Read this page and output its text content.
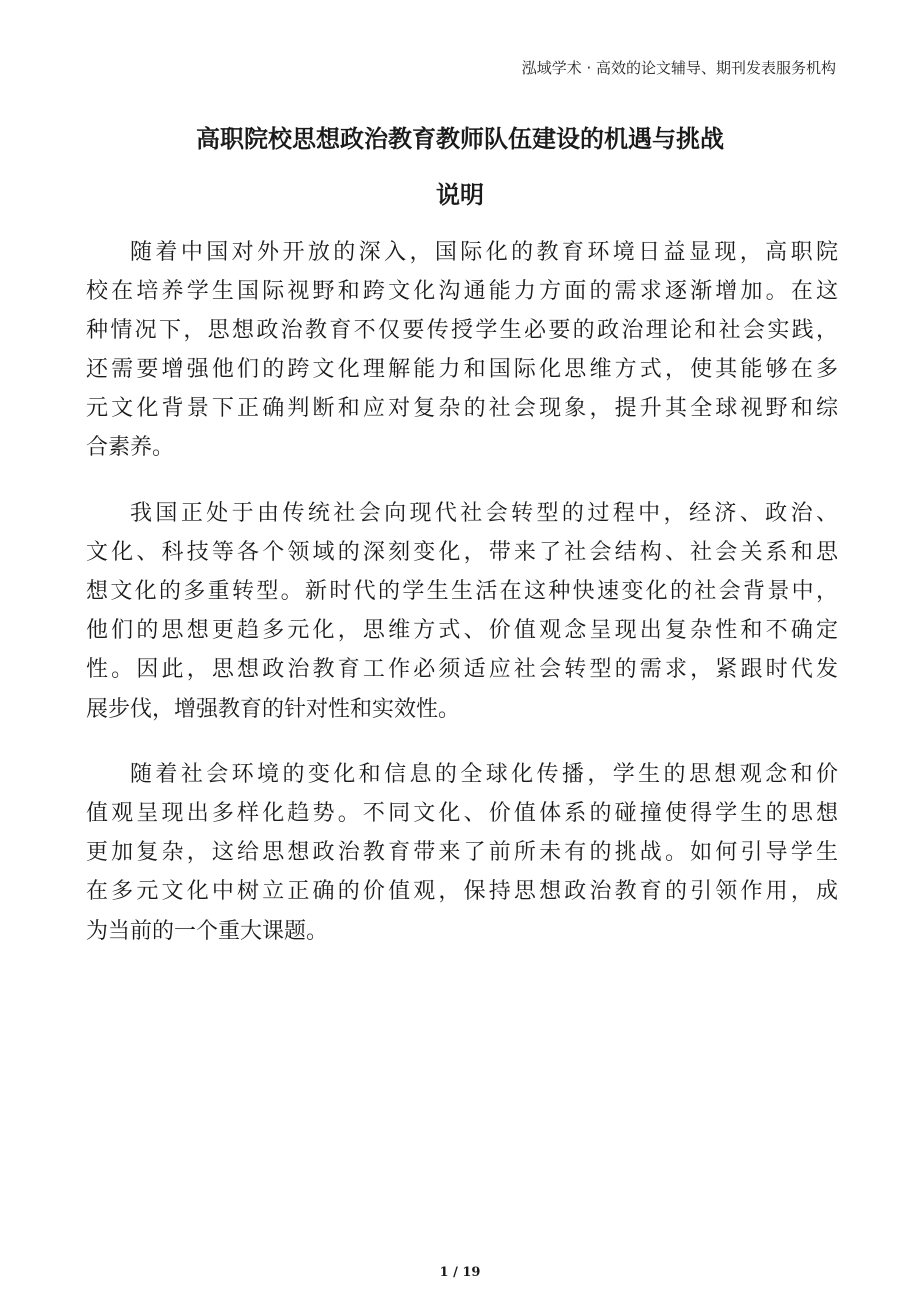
泓域学术 · 高效的论文辅导、期刊发表服务机构
高职院校思想政治教育教师队伍建设的机遇与挑战
说明

随着中国对外开放的深入，国际化的教育环境日益显现，高职院
校在培养学生国际视野和跨文化沟通能力方面的需求逐渐增加。在这
种情况下，思想政治教育不仅要传授学生必要的政治理论和社会实践，
还需要增强他们的跨文化理解能力和国际化思维方式，使其能够在多
元文化背景下正确判断和应对复杂的社会现象，提升其全球视野和综
合素养。

我国正处于由传统社会向现代社会转型的过程中，经济、政治、
文化、科技等各个领域的深刻变化，带来了社会结构、社会关系和思
想文化的多重转型。新时代的学生生活在这种快速变化的社会背景中，
他们的思想更趋多元化，思维方式、价值观念呈现出复杂性和不确定
性。因此，思想政治教育工作必须适应社会转型的需求，紧跟时代发
展步伐，增强教育的针对性和实效性。

随着社会环境的变化和信息的全球化传播，学生的思想观念和价
值观呈现出多样化趋势。不同文化、价值体系的碰撞使得学生的思想
更加复杂，这给思想政治教育带来了前所未有的挑战。如何引导学生
在多元文化中树立正确的价值观，保持思想政治教育的引领作用，成
为当前的一个重大课题。

1 / 19
